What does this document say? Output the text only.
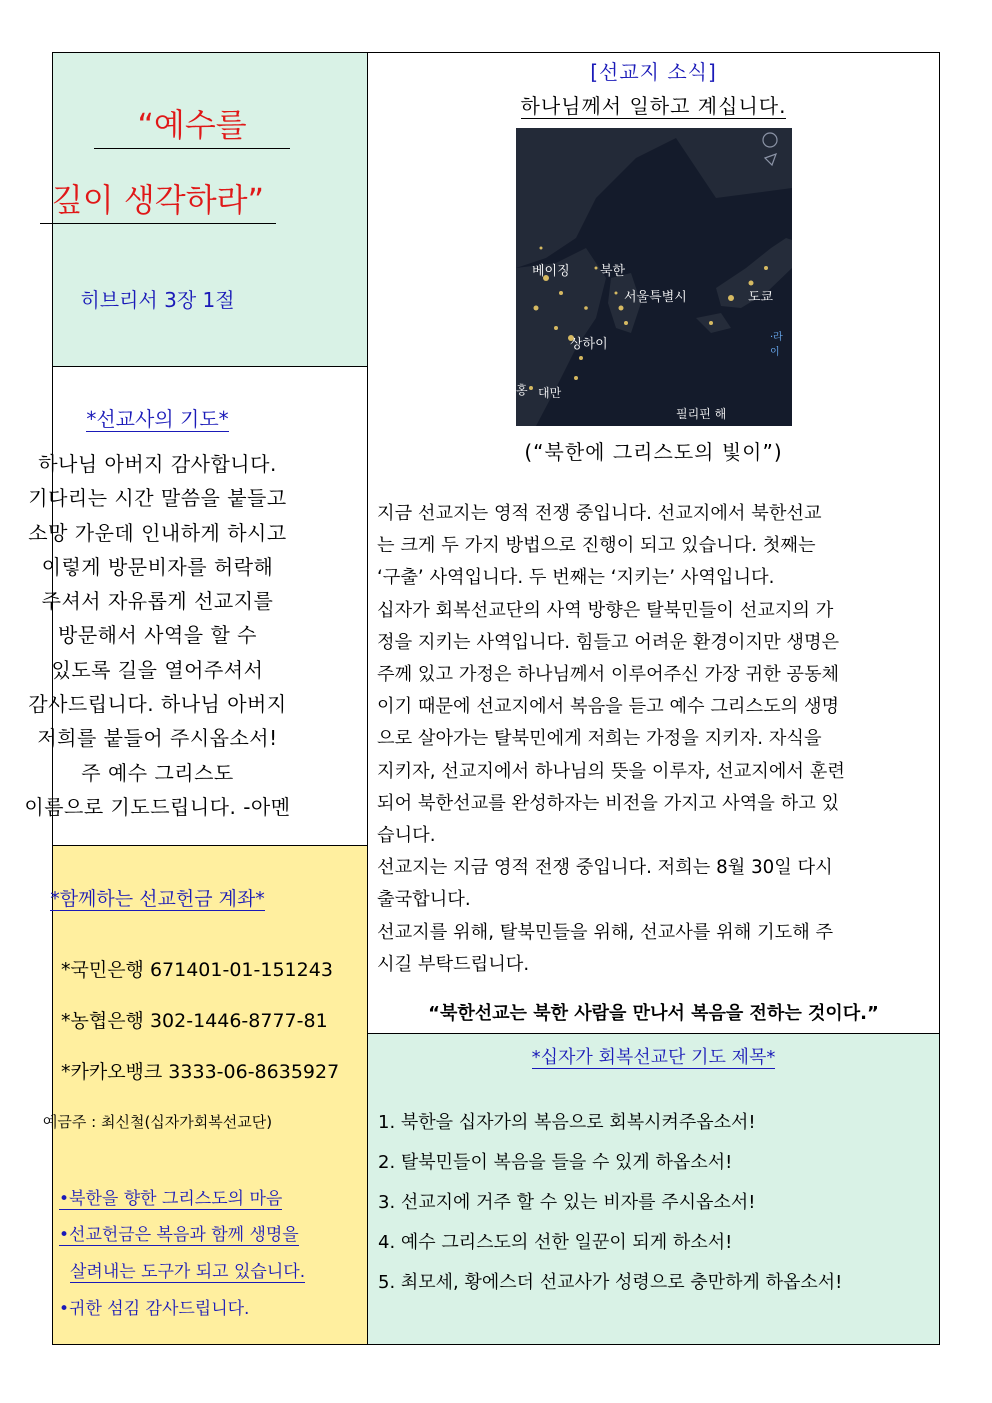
“예수를
깊이 생각하라”
히브리서 3장 1절
*선교사의 기도*
하나님 아버지 감사합니다.
기다리는 시간 말씀을 붙들고
소망 가운데 인내하게 하시고
이렇게 방문비자를 허락해
주셔서 자유롭게 선교지를
방문해서 사역을 할 수
있도록 길을 열어주셔서
감사드립니다. 하나님 아버지
저희를 붙들어 주시옵소서!
주 예수 그리스도
이름으로 기도드립니다. -아멘
*함께하는 선교헌금 계좌*
*국민은행 671401-01-151243
*농협은행 302-1446-8777-81
*카카오뱅크 3333-06-8635927
예금주 : 최신철(십자가회복선교단)
•북한을 향한 그리스도의 마음
•선교헌금은 복음과 함께 생명을
살려내는 도구가 되고 있습니다.
•귀한 섬김 감사드립니다.
[선교지 소식]
하나님께서 일하고 계십니다.
베이징 북한
서울특별시	도쿄
상하이
홍 대만
필리핀 해
·라이
(“북한에 그리스도의 빛이”)
지금 선교지는 영적 전쟁 중입니다. 선교지에서 북한선교
는 크게 두 가지 방법으로 진행이 되고 있습니다. 첫째는
‘구출’ 사역입니다. 두 번째는 ‘지키는’ 사역입니다.
십자가 회복선교단의 사역 방향은 탈북민들이 선교지의 가
정을 지키는 사역입니다. 힘들고 어려운 환경이지만 생명은
주께 있고 가정은 하나님께서 이루어주신 가장 귀한 공동체
이기 때문에 선교지에서 복음을 듣고 예수 그리스도의 생명
으로 살아가는 탈북민에게 저희는 가정을 지키자. 자식을
지키자, 선교지에서 하나님의 뜻을 이루자, 선교지에서 훈련
되어 북한선교를 완성하자는 비전을 가지고 사역을 하고 있
습니다.
선교지는 지금 영적 전쟁 중입니다. 저희는 8월 30일 다시
출국합니다.
선교지를 위해, 탈북민들을 위해, 선교사를 위해 기도해 주
시길 부탁드립니다.
“북한선교는 북한 사람을 만나서 복음을 전하는 것이다.”
*십자가 회복선교단 기도 제목*
1. 북한을 십자가의 복음으로 회복시켜주옵소서!
2. 탈북민들이 복음을 들을 수 있게 하옵소서!
3. 선교지에 거주 할 수 있는 비자를 주시옵소서!
4. 예수 그리스도의 선한 일꾼이 되게 하소서!
5. 최모세, 황에스더 선교사가 성령으로 충만하게 하옵소서!
